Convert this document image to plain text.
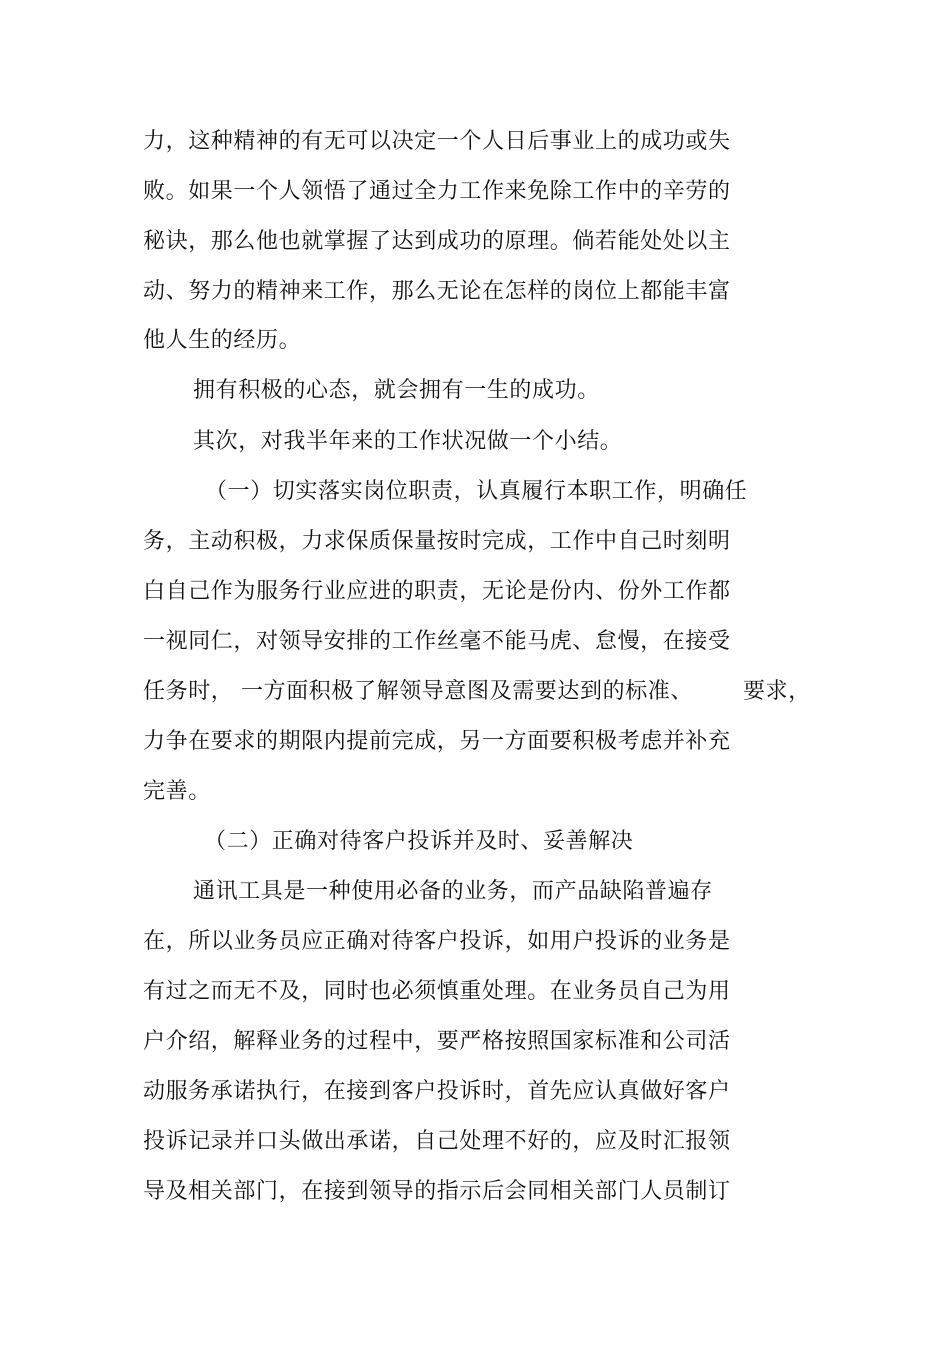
力，这种精神的有无可以决定一个人日后事业上的成功或失
败。如果一个人领悟了通过全力工作来免除工作中的辛劳的
秘诀，那么他也就掌握了达到成功的原理。倘若能处处以主
动、努力的精神来工作，那么无论在怎样的岗位上都能丰富
他人生的经历。
拥有积极的心态，就会拥有一生的成功。
其次，对我半年来的工作状况做一个小结。
（一）切实落实岗位职责，认真履行本职工作，明确任
务，主动积极，力求保质保量按时完成，工作中自己时刻明
白自己作为服务行业应进的职责，无论是份内、份外工作都
一视同仁，对领导安排的工作丝毫不能马虎、怠慢，在接受
任务时， 一方面积极了解领导意图及需要达到的标准、 要求，
力争在要求的期限内提前完成，另一方面要积极考虑并补充
完善。
（二）正确对待客户投诉并及时、妥善解决
通讯工具是一种使用必备的业务，而产品缺陷普遍存
在，所以业务员应正确对待客户投诉，如用户投诉的业务是
有过之而无不及，同时也必须慎重处理。在业务员自己为用
户介绍，解释业务的过程中，要严格按照国家标准和公司活
动服务承诺执行，在接到客户投诉时，首先应认真做好客户
投诉记录并口头做出承诺，自己处理不好的，应及时汇报领
导及相关部门，在接到领导的指示后会同相关部门人员制订
